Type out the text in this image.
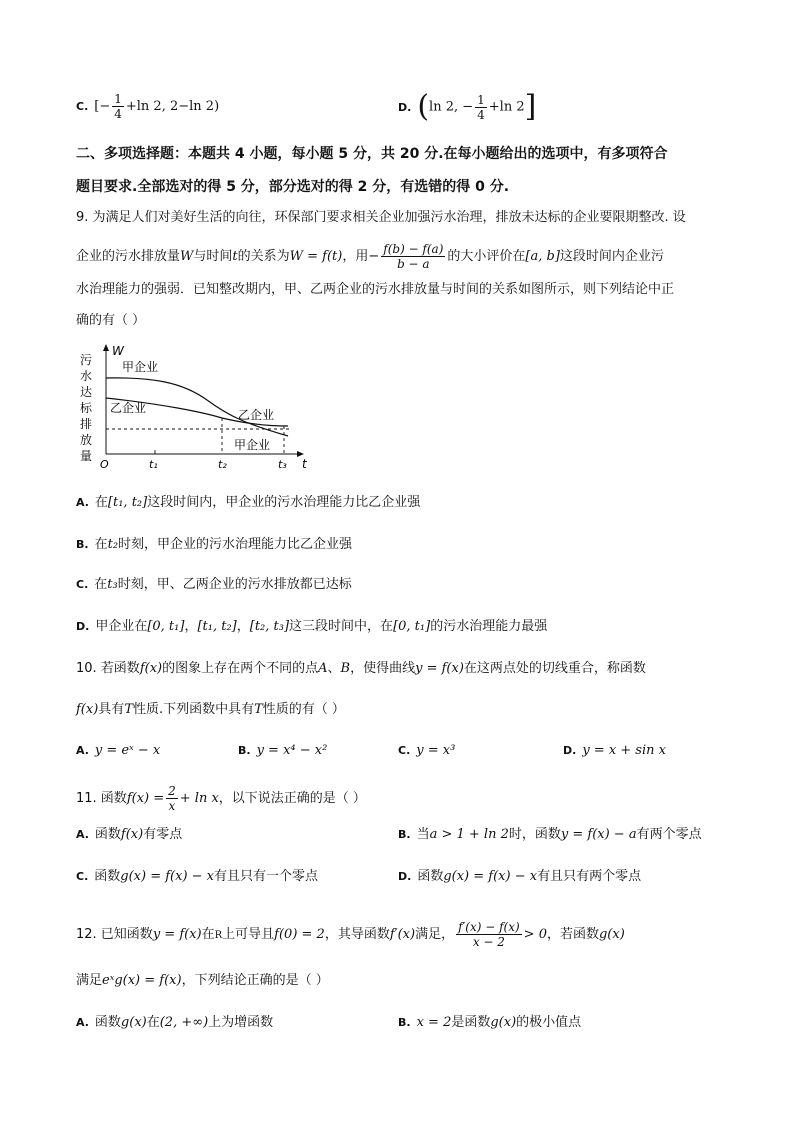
C. [− $\frac{1}{4} +\ln$ 2, 2−ln 2)	D. (ln 2, − $\frac{1}{4} +\ln$ 2]
二、多项选择题：本题共 4 小题，每小题 5 分，共 20 分.在每小题给出的选项中，有多项符合
题目要求.全部选对的得 5 分，部分选对的得 2 分，有选错的得 0 分.
9. 为满足人们对美好生活的向往，环保部门要求相关企业加强污水治理，排放未达标的企业要限期整改. 设
企业的污水排放量W与时间t的关系为W = f(t)，用− $\frac{f(b) - f(a)}{b - a}$ 的大小评价在[a, b]这段时间内企业污
水治理能力的强弱．已知整改期内，甲、乙两企业的污水排放量与时间的关系如图所示，则下列结论中正
确的有（ ）
污
水
达
标
排
放
量
W
t
O	t₁	t₂	t₃
甲企业
乙企业	乙企业
甲企业
A. 在[t₁, t₂]这段时间内，甲企业的污水治理能力比乙企业强
B. 在t₂时刻，甲企业的污水治理能力比乙企业强
C. 在t₃时刻，甲、乙两企业的污水排放都已达标
D. 甲企业在[0, t₁]，[t₁, t₂]，[t₂, t₃]这三段时间中，在[0, t₁]的污水治理能力最强
10. 若函数f(x)的图象上存在两个不同的点A、B，使得曲线y = f(x)在这两点处的切线重合，称函数
f(x)具有T性质.下列函数中具有T性质的有（ ）
A. y = eˣ − x	B. y = x⁴ − x²	C. y = x³	D. y = x + sin x
11. 函数$f(x) = \frac{2}{x} + \ln x$，以下说法正确的是（ ）
A. 函数f(x)有零点	B. 当a > 1 + ln 2时，函数y = f(x) − a有两个零点
C. 函数g(x) = f(x) − x有且只有一个零点	D. 函数g(x) = f(x) − x有且只有两个零点
12. 已知函数y = f(x)在R上可导且f(0) = 2，其导函数f′(x)满足， $\frac{f'(x) - f(x)}{x - 2} > 0$，若函数g(x)
满足eˣg(x) = f(x)，下列结论正确的是（ ）
A. 函数g(x)在(2, +∞)上为增函数	B. x = 2是函数g(x)的极小值点
